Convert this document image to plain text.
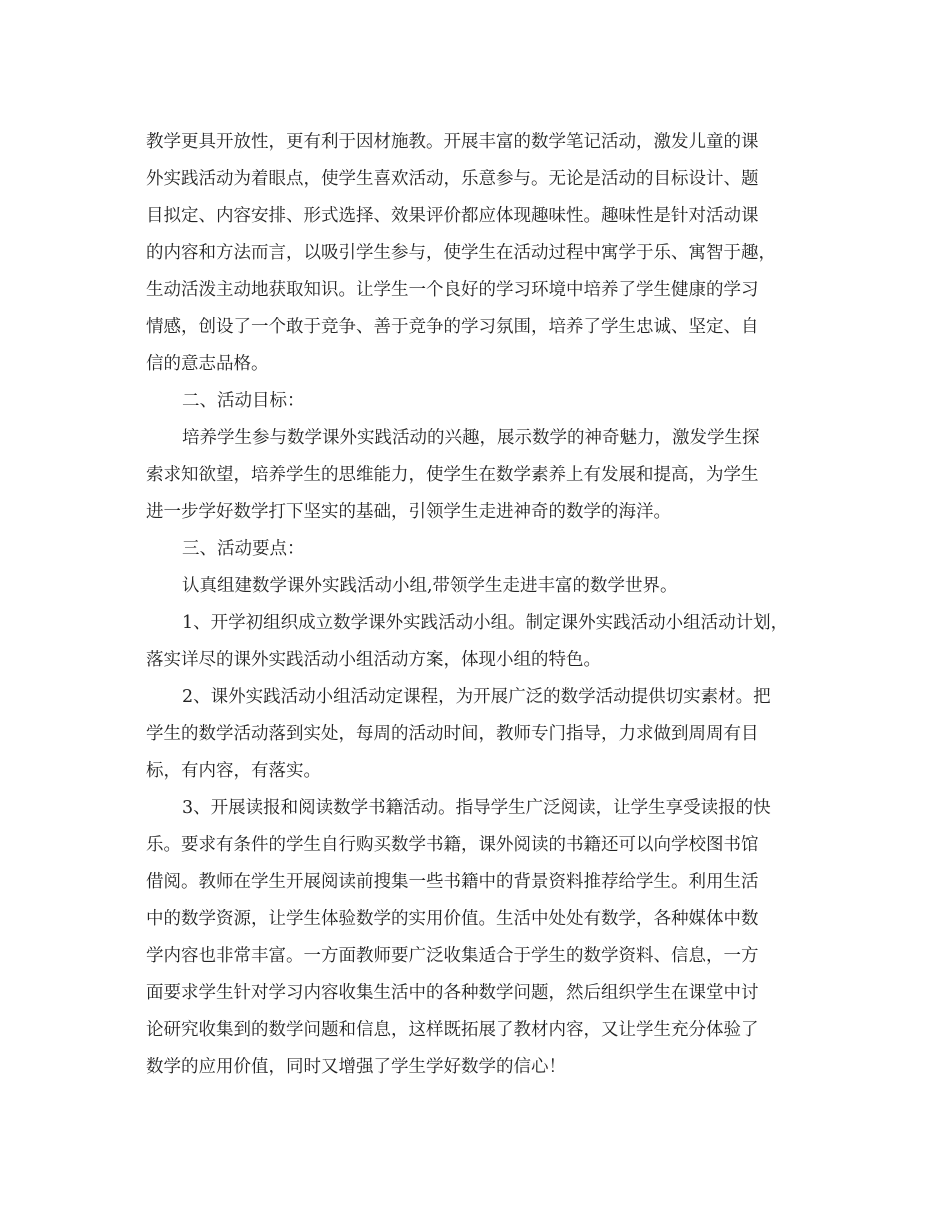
教学更具开放性，更有利于因材施教。开展丰富的数学笔记活动，激发儿童的课
外实践活动为着眼点，使学生喜欢活动，乐意参与。无论是活动的目标设计、题
目拟定、内容安排、形式选择、效果评价都应体现趣味性。趣味性是针对活动课
的内容和方法而言，以吸引学生参与，使学生在活动过程中寓学于乐、寓智于趣，
生动活泼主动地获取知识。让学生一个良好的学习环境中培养了学生健康的学习
情感，创设了一个敢于竞争、善于竞争的学习氛围，培养了学生忠诚、坚定、自
信的意志品格。
二、活动目标：
培养学生参与数学课外实践活动的兴趣，展示数学的神奇魅力，激发学生探
索求知欲望，培养学生的思维能力，使学生在数学素养上有发展和提高，为学生
进一步学好数学打下坚实的基础，引领学生走进神奇的数学的海洋。
三、活动要点：
认真组建数学课外实践活动小组,带领学生走进丰富的数学世界。
1、开学初组织成立数学课外实践活动小组。制定课外实践活动小组活动计划，
落实详尽的课外实践活动小组活动方案，体现小组的特色。
2、课外实践活动小组活动定课程，为开展广泛的数学活动提供切实素材。把
学生的数学活动落到实处，每周的活动时间，教师专门指导，力求做到周周有目
标，有内容，有落实。
3、开展读报和阅读数学书籍活动。指导学生广泛阅读，让学生享受读报的快
乐。要求有条件的学生自行购买数学书籍，课外阅读的书籍还可以向学校图书馆
借阅。教师在学生开展阅读前搜集一些书籍中的背景资料推荐给学生。利用生活
中的数学资源，让学生体验数学的实用价值。生活中处处有数学，各种媒体中数
学内容也非常丰富。一方面教师要广泛收集适合于学生的数学资料、信息，一方
面要求学生针对学习内容收集生活中的各种数学问题，然后组织学生在课堂中讨
论研究收集到的数学问题和信息，这样既拓展了教材内容，又让学生充分体验了
数学的应用价值，同时又增强了学生学好数学的信心！
